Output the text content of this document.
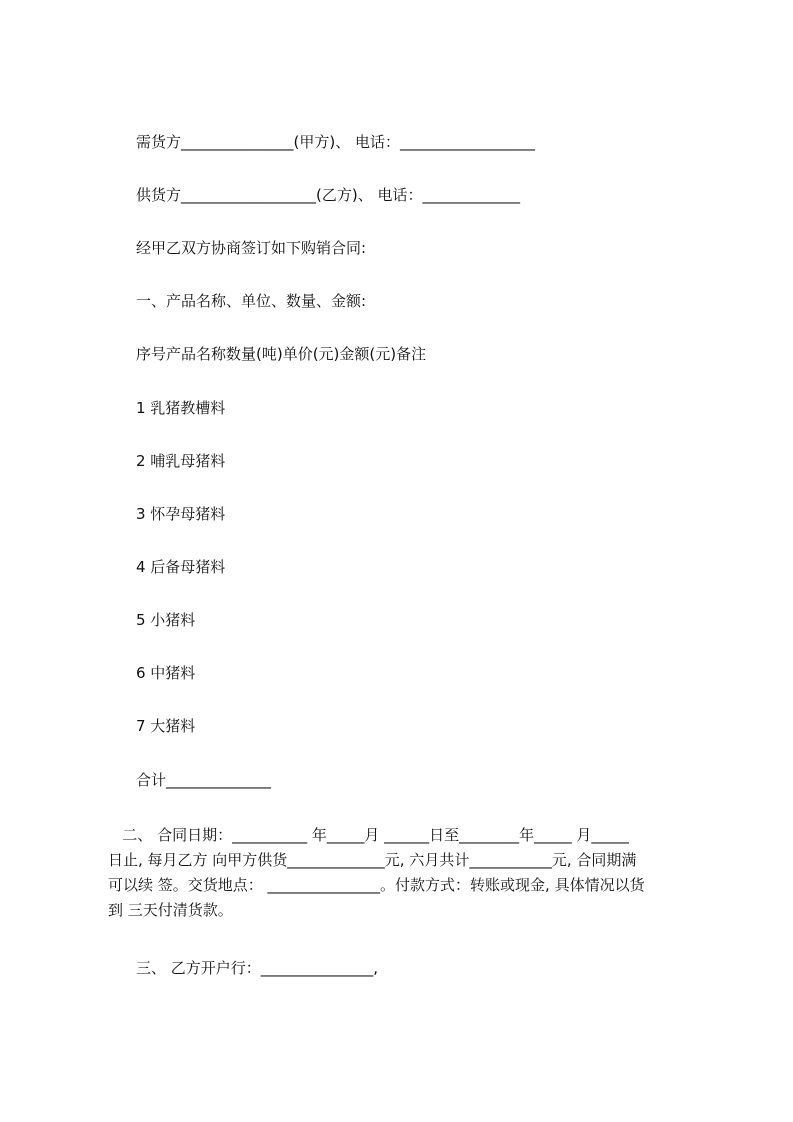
需货方_______________(甲方)、 电话：__________________
供货方__________________(乙方)、 电话：_____________
经甲乙双方协商签订如下购销合同:
一、产品名称、单位、数量、金额:
序号产品名称数量(吨)单价(元)金额(元)备注
1 乳猪教槽料
2 哺乳母猪料
3 怀孕母猪料
4 后备母猪料
5 小猪料
6 中猪料
7 大猪料
合计______________
二、 合同日期：__________ 年_____月 ______日至________年_____ 月_____
日止, 每月乙方 向甲方供货_____________元, 六月共计___________元, 合同期满
可以续 签。交货地点： _______________。付款方式：转账或现金, 具体情况以货
到 三天付清货款。
三、 乙方开户行：_______________,
